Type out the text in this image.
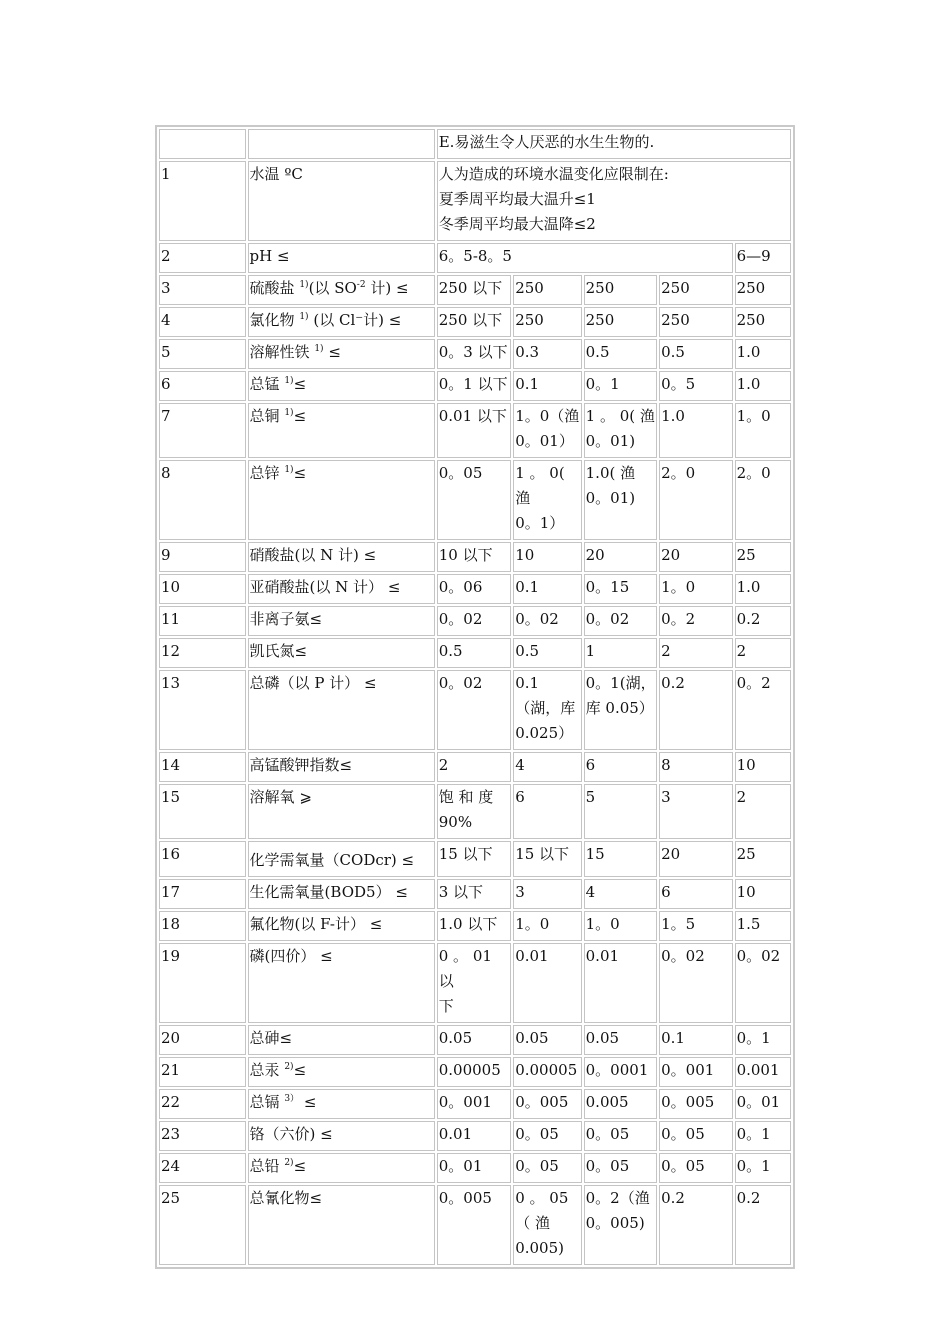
		E.易滋生令人厌恶的水生生物的.				
1	水温 ºC	人为造成的环境水温变化应限制在:
夏季周平均最大温升≤1
冬季周平均最大温降≤2				
2	pH ≤	6。5-8。5				6—9
3	硫酸盐 $^{1)}$(以 $SO^{-2}$ 计) ≤	250 以下	250	250	250	250
4	氯化物 $^{1)}$ (以 Cl⁻计) ≤	250 以下	250	250	250	250
5	溶解性铁 $^{1)}$ ≤	0。3 以下	0.3	0.5	0.5	1.0
6	总锰 $^{1)}$≤	0。1 以下	0.1	0。1	0。5	1.0
7	总铜 $^{1)}$≤	0.01 以下	1。0（渔
0。01）	1 。 0( 渔
0。01)	1.0	1。0
8	总锌 $^{1)}$≤	0。05	1 。 0( 渔
0。1）	1.0( 渔
0。01)	2。0	2。0
9	硝酸盐(以 N 计) ≤	10 以下	10	20	20	25
10	亚硝酸盐(以 N 计） ≤	0。06	0.1	0。15	1。0	1.0
11	非离子氨≤	0。02	0。02	0。02	0。2	0.2
12	凯氏氮≤	0.5	0.5	1	2	2
13	总磷（以 P 计） ≤	0。02	0.1
（湖，库
0.025）	0。1(湖，
库 0.05）	0.2	0。2
14	高锰酸钾指数≤	2	4	6	8	10
15	溶解氧 ⩾	饱 和 度
90%	6	5	3	2
16	化学需氧量（CODcr) ≤	15 以下	15 以下	15	20	25
17	生化需氧量(BOD5） ≤	3 以下	3	4	6	10
18	氟化物(以 F-计） ≤	1.0 以下	1。0	1。0	1。5	1.5
19	磷(四价） ≤	0 。 01 以
下	0.01	0.01	0。02	0。02
20	总砷≤	0.05	0.05	0.05	0.1	0。1
21	总汞 $^{2)}$≤	0.00005	0.00005	0。0001	0。001	0.001
22	总镉 $^{3)}$ ≤	0。001	0。005	0.005	0。005	0。01
23	铬（六价) ≤	0.01	0。05	0。05	0。05	0。1
24	总铅 $^{2)}$≤	0。01	0。05	0。05	0。05	0。1
25	总氰化物≤	0。005	0 。 05
（ 渔
0.005)	0。2（渔
0。005)	0.2	0.2
